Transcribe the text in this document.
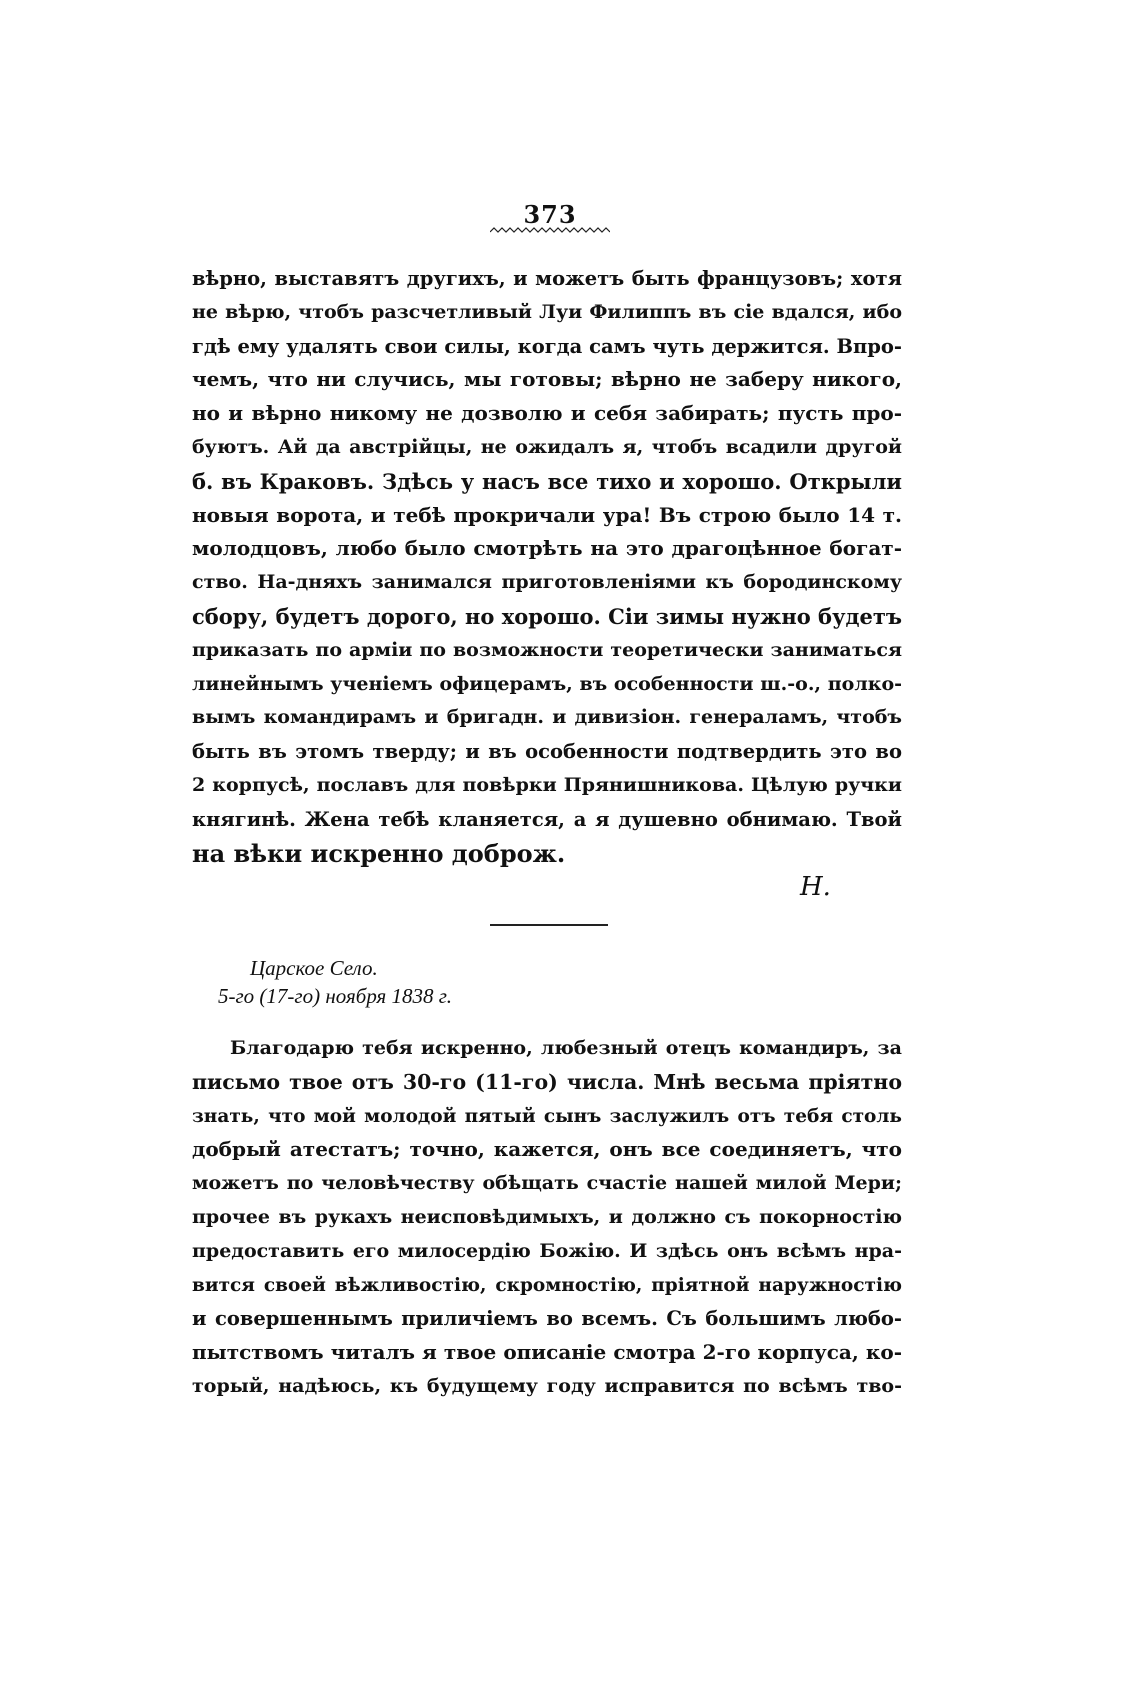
373
вѣрно, выставятъ другихъ, и можетъ быть французовъ; хотя
не вѣрю, чтобъ разсчетливый Луи Филиппъ въ сіе вдался, ибо
гдѣ ему удалять свои силы, когда самъ чуть держится. Впро-
чемъ, что ни случись, мы готовы; вѣрно не заберу никого,
но и вѣрно никому не дозволю и себя забирать; пусть про-
буютъ. Ай да австрійцы, не ожидалъ я, чтобъ всадили другой
б. въ Краковъ. Здѣсь у насъ все тихо и хорошо. Открыли
новыя ворота, и тебѣ прокричали ура! Въ строю было 14 т.
молодцовъ, любо было смотрѣть на это драгоцѣнное богат-
ство. На-дняхъ занимался приготовленіями къ бородинскому
сбору, будетъ дорого, но хорошо. Сіи зимы нужно будетъ
приказать по арміи по возможности теоретически заниматься
линейнымъ ученіемъ офицерамъ, въ особенности ш.-о., полко-
вымъ командирамъ и бригадн. и дивизіон. генераламъ, чтобъ
быть въ этомъ тверду; и въ особенности подтвердить это во
2 корпусѣ, пославъ для повѣрки Прянишникова. Цѣлую ручки
княгинѣ. Жена тебѣ кланяется, а я душевно обнимаю. Твой
на вѣки искренно доброж.
Н.
Царское Село.
5-го (17-го) ноября 1838 г.
Благодарю тебя искренно, любезный отецъ командиръ, за
письмо твое отъ 30-го (11-го) числа. Мнѣ весьма пріятно
знать, что мой молодой пятый сынъ заслужилъ отъ тебя столь
добрый атестатъ; точно, кажется, онъ все соединяетъ, что
можетъ по человѣчеству обѣщать счастіе нашей милой Мери;
прочее въ рукахъ неисповѣдимыхъ, и должно съ покорностію
предоставить его милосердію Божію. И здѣсь онъ всѣмъ нра-
вится своей вѣжливостію, скромностію, пріятной наружностію
и совершеннымъ приличіемъ во всемъ. Съ большимъ любо-
пытствомъ читалъ я твое описаніе смотра 2-го корпуса, ко-
торый, надѣюсь, къ будущему году исправится по всѣмъ тво-
